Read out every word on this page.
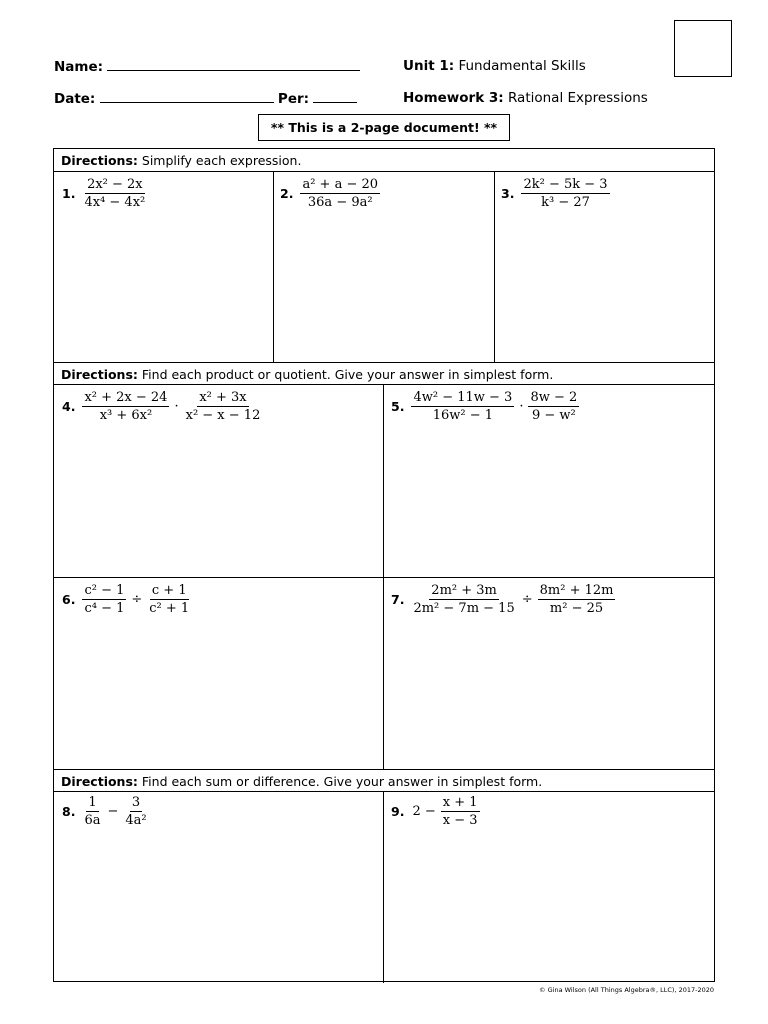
Name:
Date:	Per:
Unit 1: Fundamental Skills
Homework 3: Rational Expressions
** This is a 2-page document! **
Directions: Simplify each expression.
Directions: Find each product or quotient. Give your answer in simplest form.
Directions: Find each sum or difference. Give your answer in simplest form.
1. $\frac{\text{2x² − 2x}}{\text{4x⁴ − 4x²}}$	2. $\frac{\text{a² + a − 20}}{\text{36a − 9a²}}$	3. $\frac{\text{2k² − 5k − 3}}{\text{k³ − 27}}$
4. $\frac{\text{x² + 2x − 24}}{\text{x³ + 6x²}} \cdot \frac{\text{x² + 3x}}{\text{x² − x − 12}}$	5. $\frac{\text{4w² − 11w − 3}}{\text{16w² − 1}} \cdot \frac{8w - 2}{\text{9 − w²}}$
6. $\frac{\text{c² − 1}}{\text{c⁴ − 1}} \div \frac{c + 1}{\text{c² + 1}}$	7. $\frac{\text{2m² + 3m}}{\text{2m² − 7m − 15}} \div \frac{\text{8m² + 12m}}{\text{m² − 25}}$
8. $\frac{1}{6a} - \frac{3}{\text{4a²}}$	9. $2 - \frac{x + 1}{x - 3}$
© Gina Wilson (All Things Algebra®, LLC), 2017-2020
